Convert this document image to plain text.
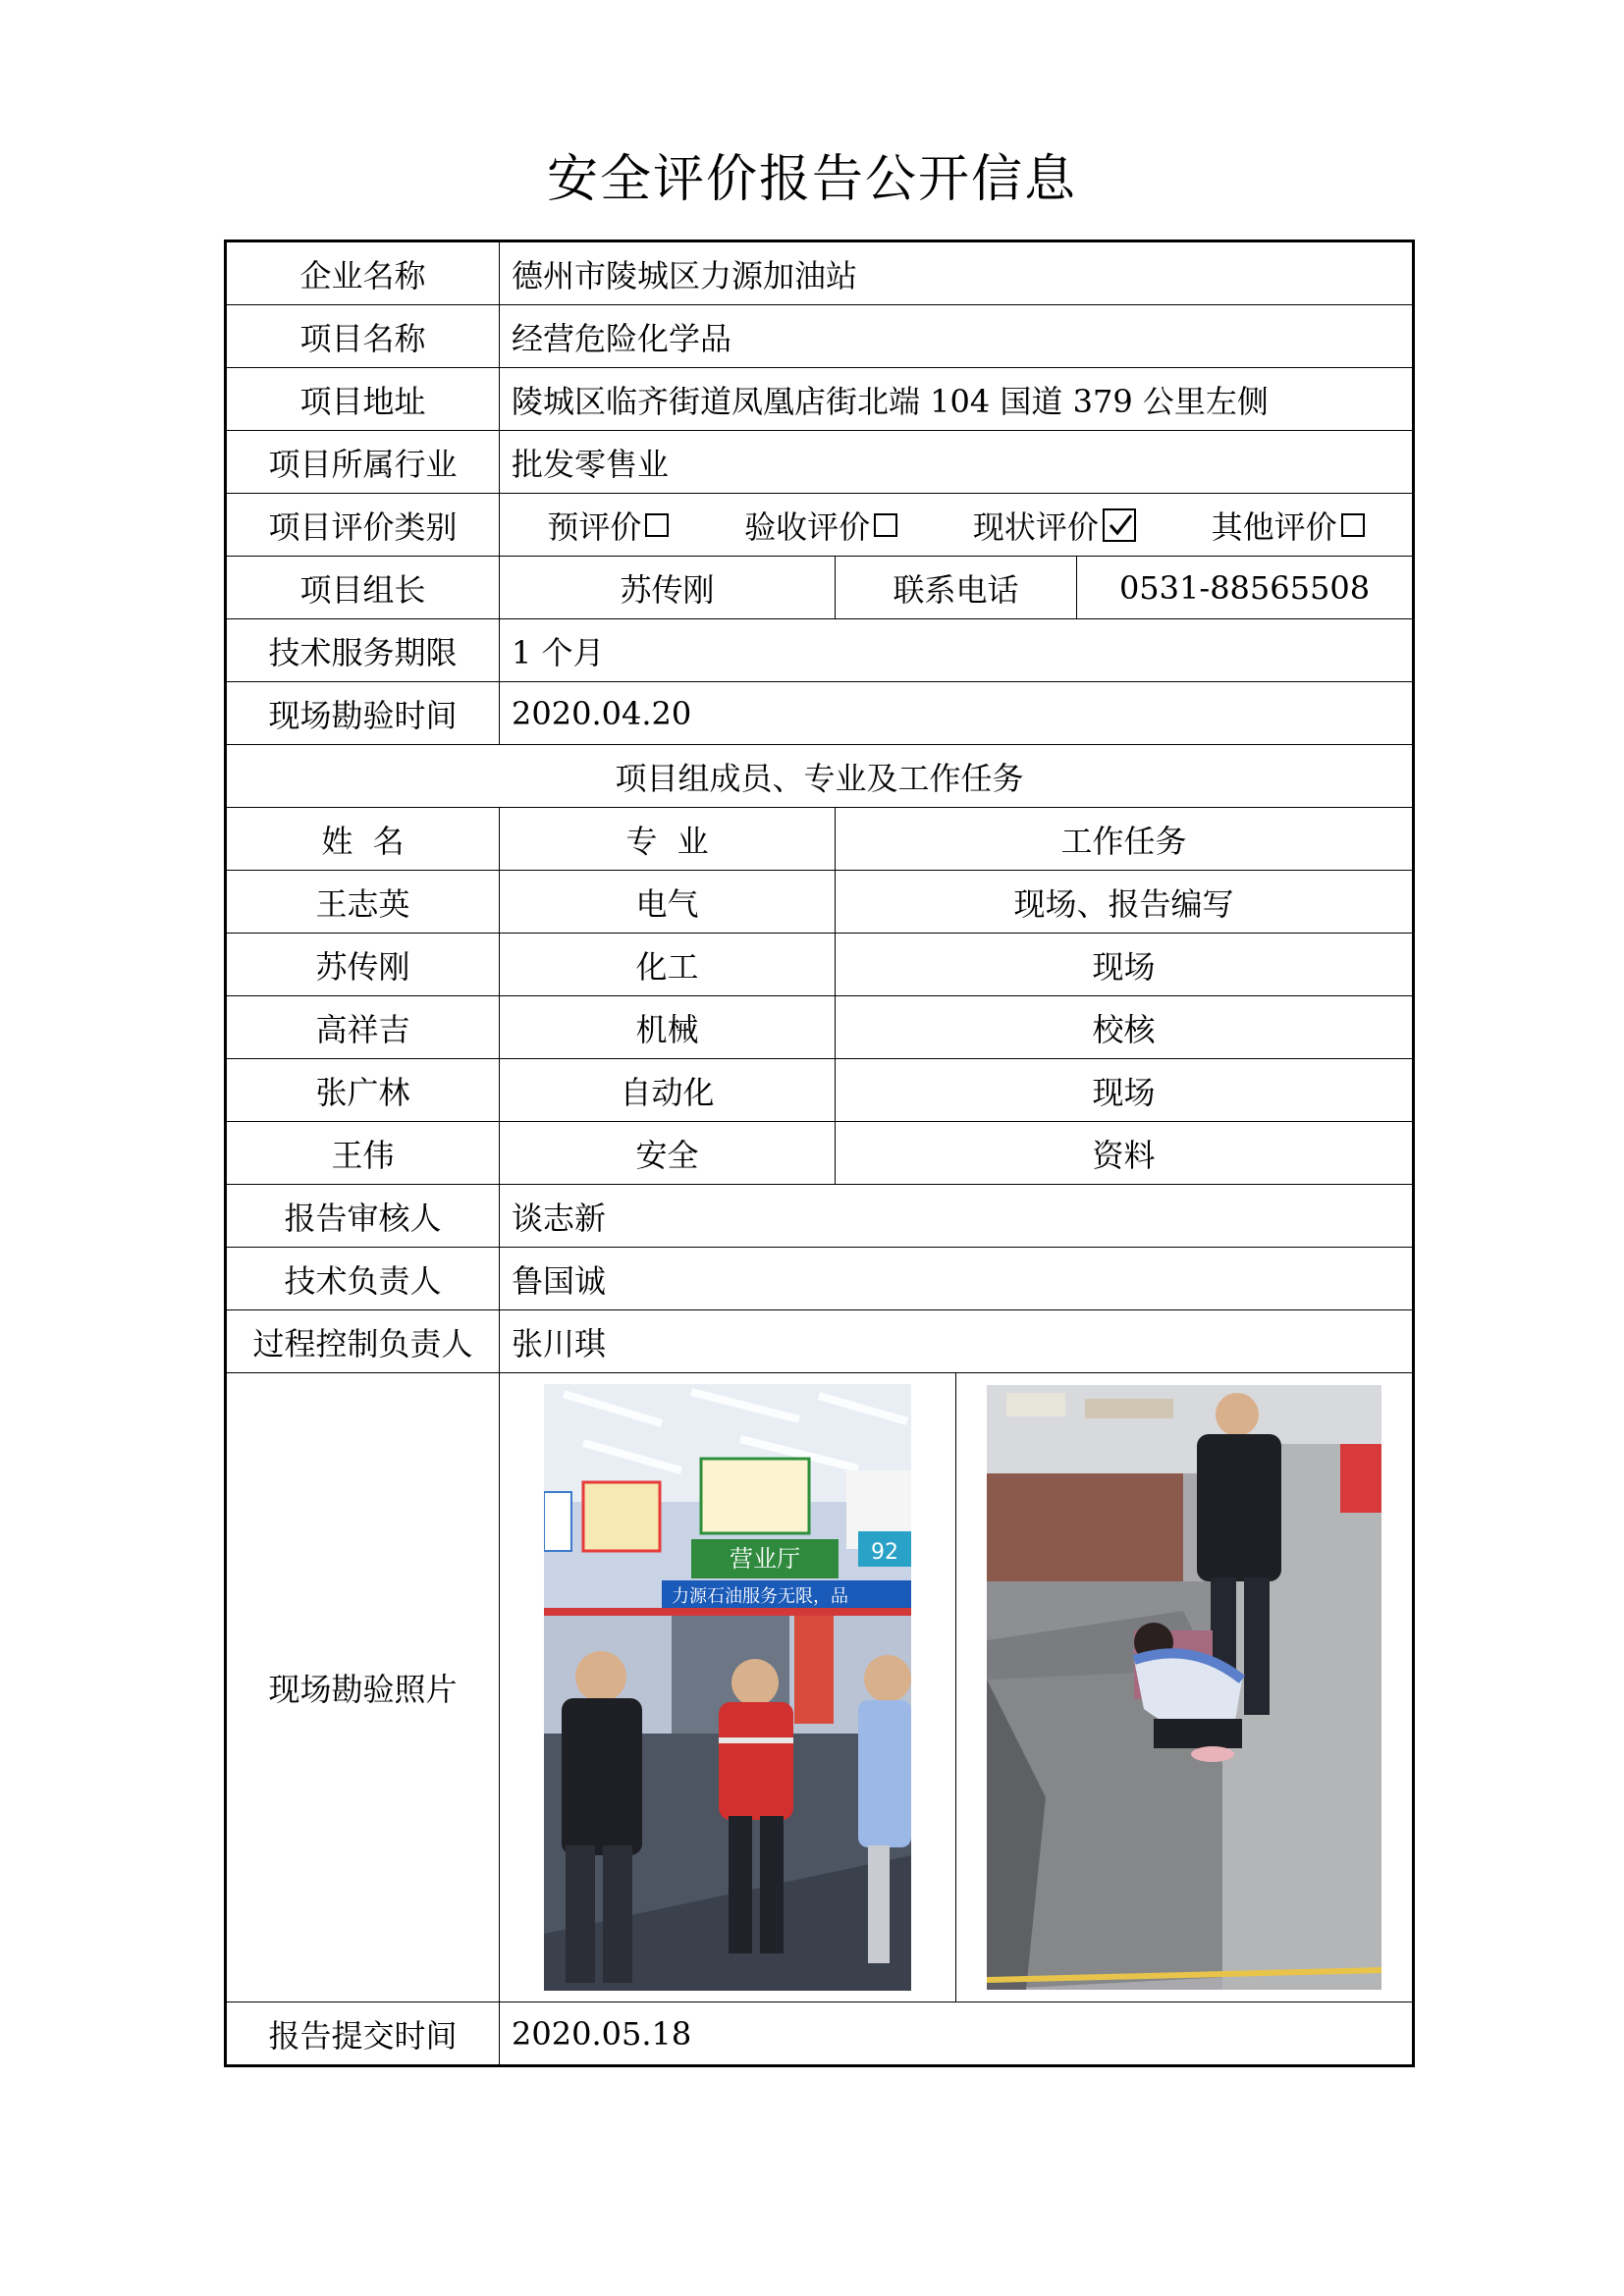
安全评价报告公开信息
企业名称	德州市陵城区力源加油站		
项目名称	经营危险化学品		
项目地址	陵城区临齐街道凤凰店街北端 104 国道 379 公里左侧		
项目所属行业	批发零售业		
项目评价类别	预评价 验收评价 现状评价 其他评价		

项目组长	苏传刚	联系电话	0531-88565508
技术服务期限	1 个月		
现场勘验时间	2020.04.20		
项目组成员、专业及工作任务			
姓  名	专  业	工作任务	
王志英	电气	现场、报告编写	
苏传刚	化工	现场	
高祥吉	机械	校核	
张广林	自动化	现场	
王伟	安全	资料	
报告审核人	谈志新		
技术负责人	鲁国诚		
过程控制负责人	张川琪		
现场勘验照片	营业厅 92
力源石油服务无限，品		

报告提交时间	2020.05.18		
